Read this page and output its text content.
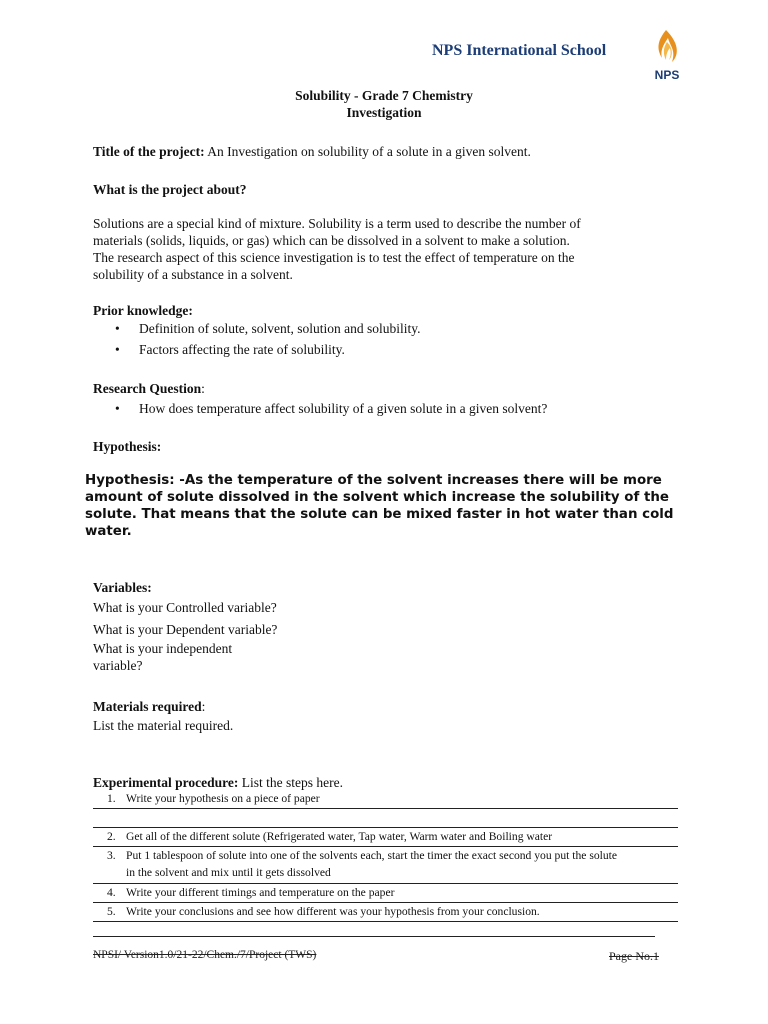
NPS International School
NPS
Solubility - Grade 7 Chemistry
Investigation
Title of the project: An Investigation on solubility of a solute in a given solvent.
What is the project about?
Solutions are a special kind of mixture. Solubility is a term used to describe the number of
materials (solids, liquids, or gas) which can be dissolved in a solvent to make a solution.
The research aspect of this science investigation is to test the effect of temperature on the
solubility of a substance in a solvent.
Prior knowledge:
• Definition of solute, solvent, solution and solubility.
• Factors affecting the rate of solubility.
Research Question:
• How does temperature affect solubility of a given solute in a given solvent?
Hypothesis:
Hypothesis: -As the temperature of the solvent increases there will be more
amount of solute dissolved in the solvent which increase the solubility of the
solute. That means that the solute can be mixed faster in hot water than cold
water.
Variables:
What is your Controlled variable?
What is your Dependent variable?
What is your independent
variable?
Materials required:
List the material required.
Experimental procedure: List the steps here.
1. Write your hypothesis on a piece of paper
2. Get all of the different solute (Refrigerated water, Tap water, Warm water and Boiling water
3. Put 1 tablespoon of solute into one of the solvents each, start the timer the exact second you put the solute
in the solvent and mix until it gets dissolved
4. Write your different timings and temperature on the paper
5. Write your conclusions and see how different was your hypothesis from your conclusion.
NPSI/ Version1.0/21-22/Chem./7/Project (TWS)	Page No.1
